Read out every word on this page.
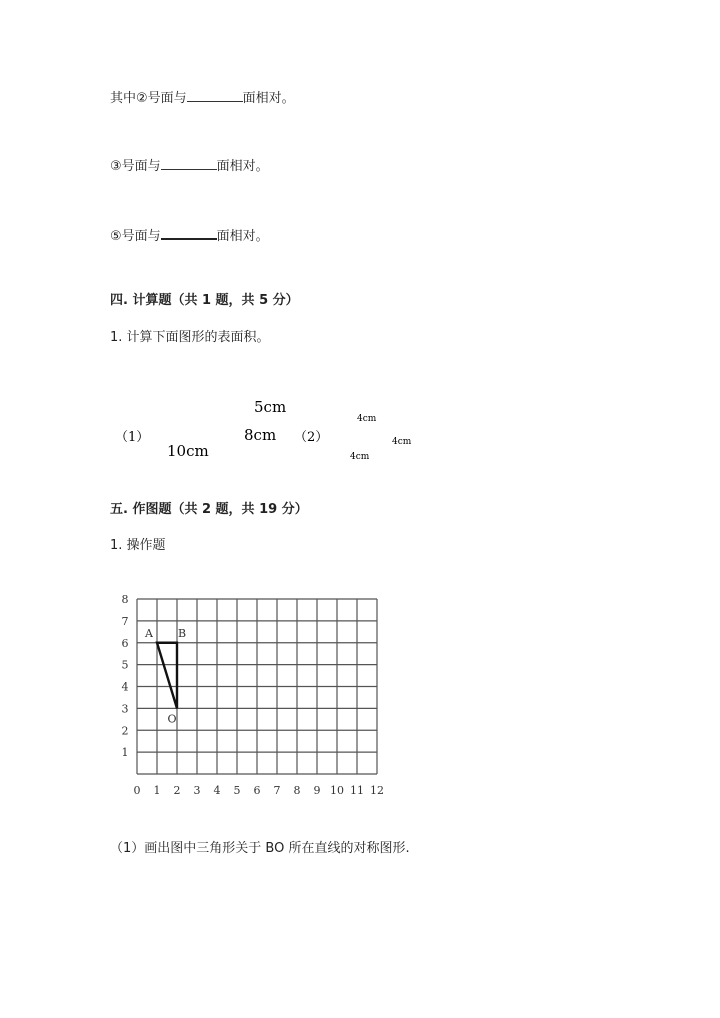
其中②号面与	面相对。
③号面与	面相对。
⑤号面与	面相对。
四. 计算题（共 1 题，共 5 分）
1. 计算下面图形的表面积。
（1）
10cm
8cm
5cm
（2）
4cm
4cm
4cm
五. 作图题（共 2 题，共 19 分）
1. 操作题
0 1 2 3 4 5 6 7 8 9 10 11 12
1
2
3
4
5
6
7
8
A B
O
（1）画出图中三角形关于 BO 所在直线的对称图形.
